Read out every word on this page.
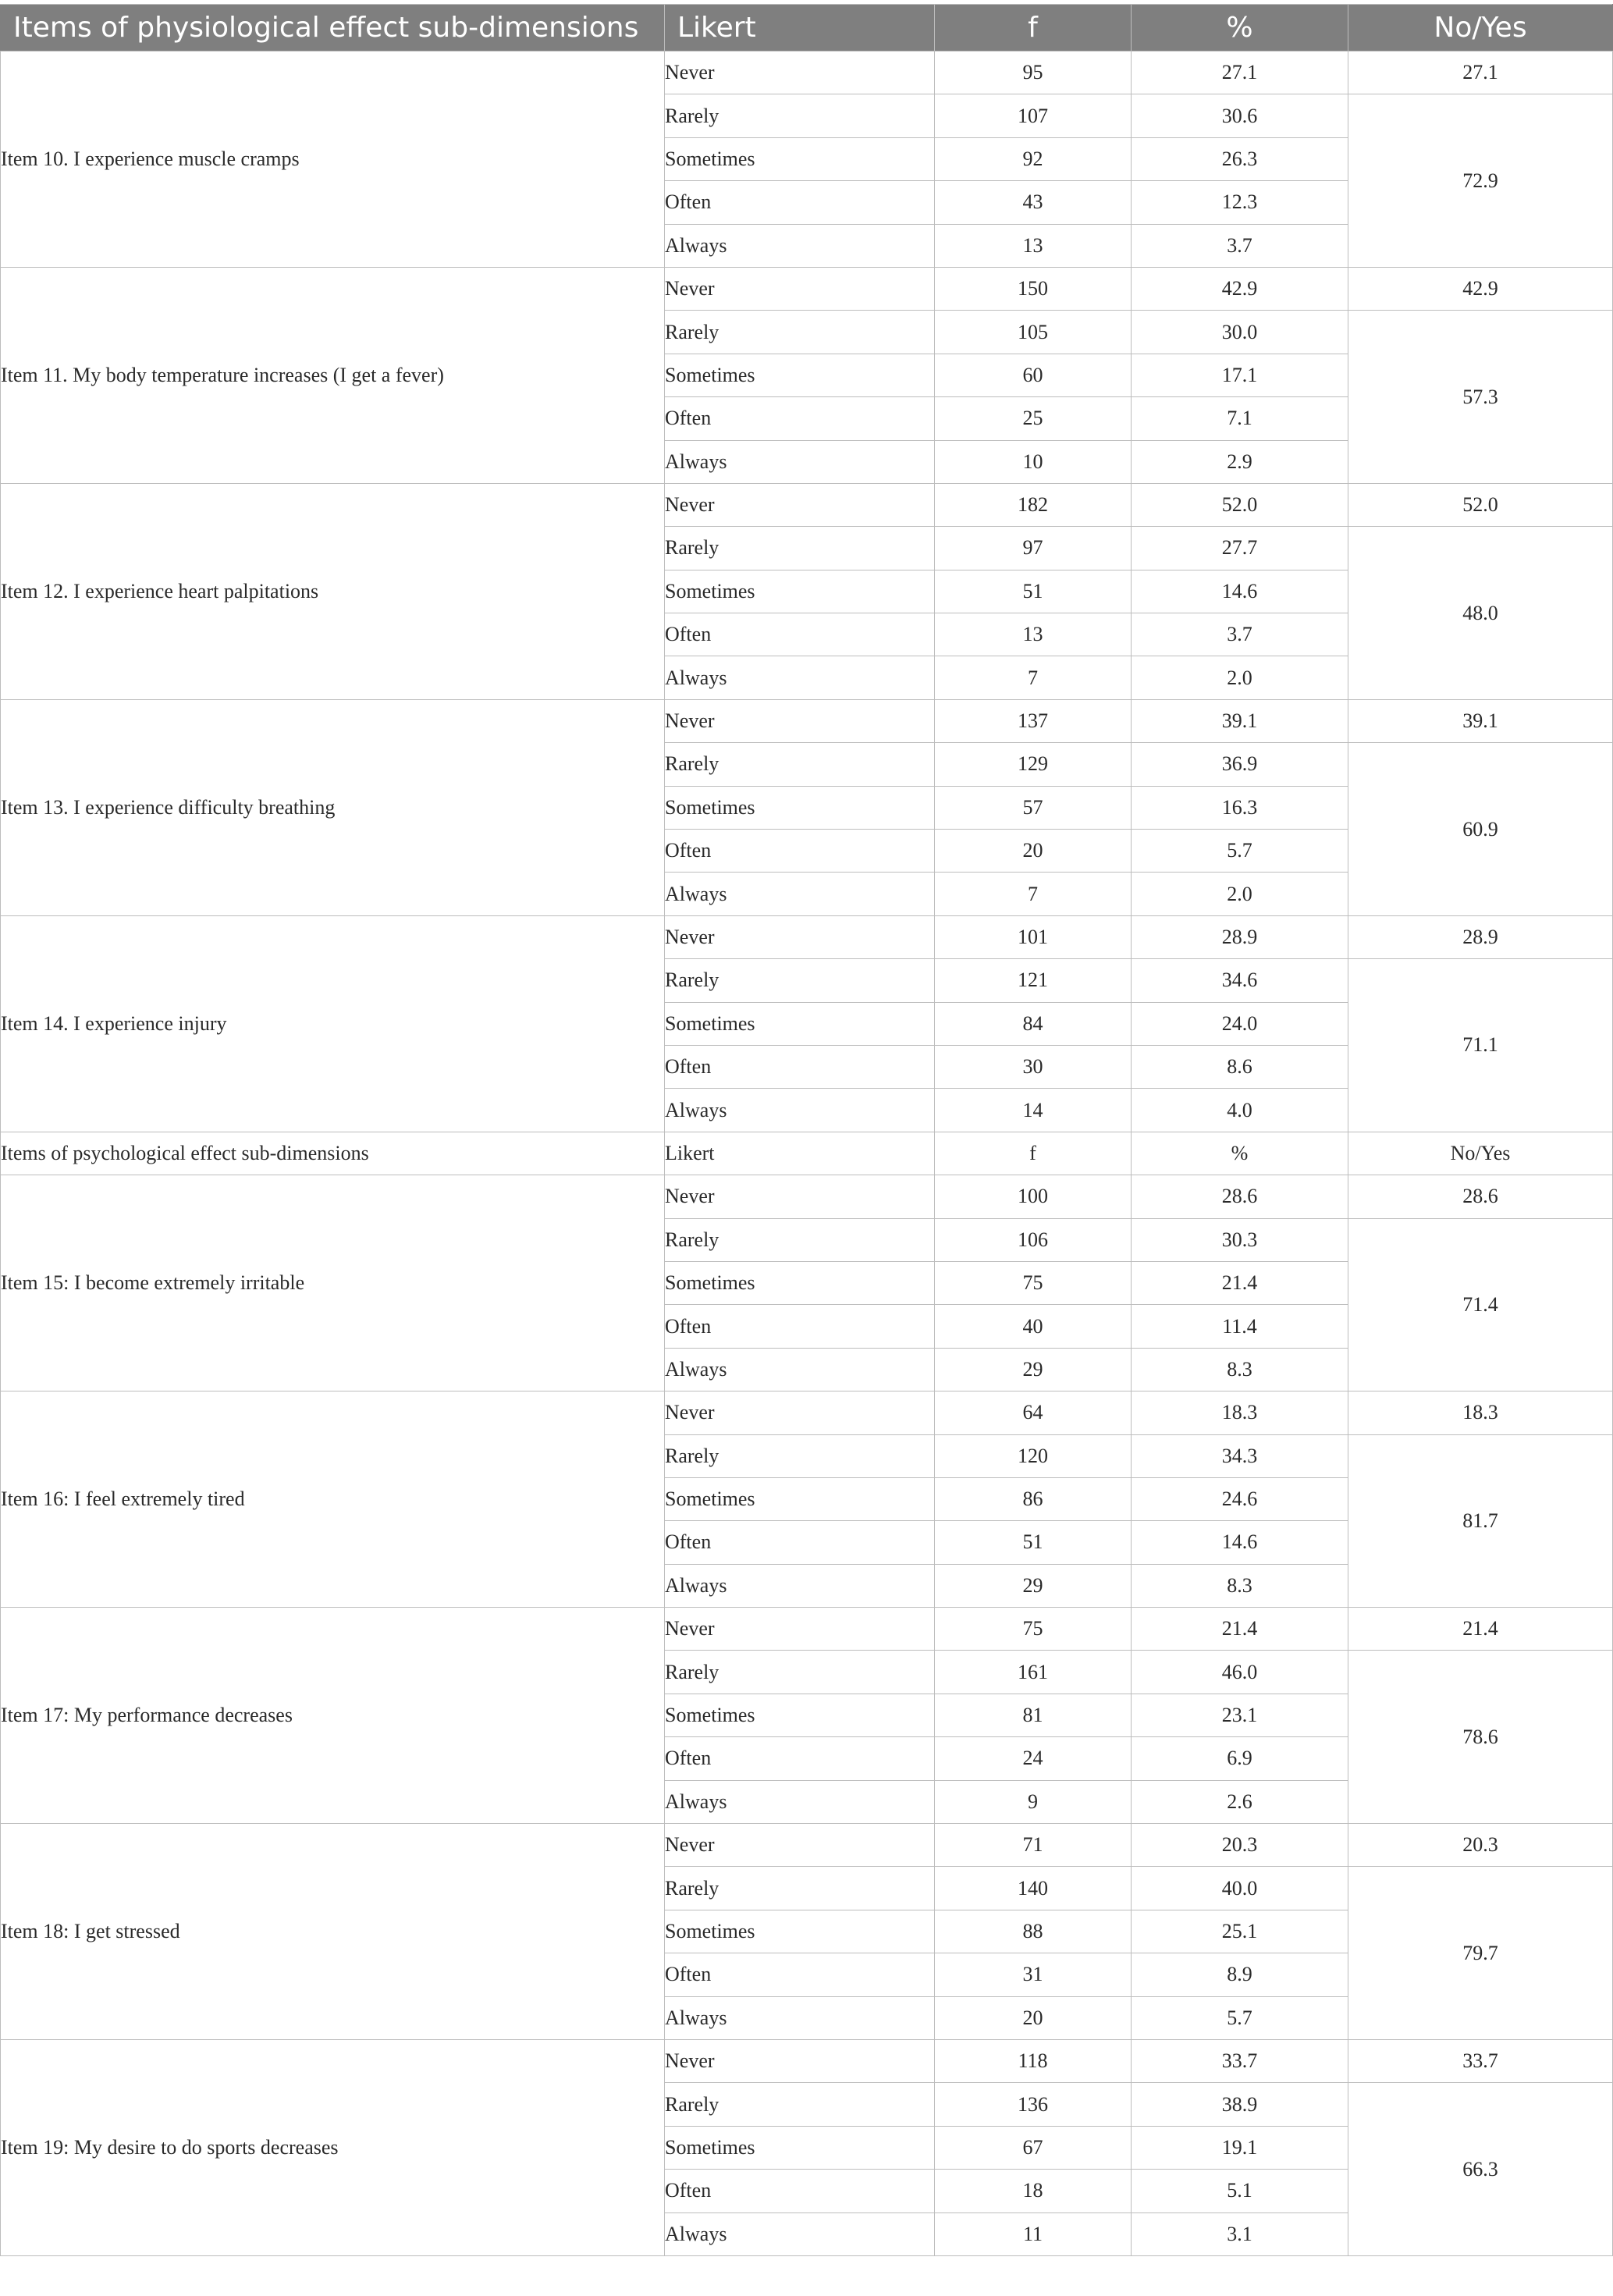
Items of physiological effect sub-dimensions	Likert	f	%	No/Yes
Item 10. I experience muscle cramps	Never	95	27.1	27.1
	Rarely	107	30.6	72.9
	Sometimes	92	26.3	
	Often	43	12.3	
	Always	13	3.7	
Item 11. My body temperature increases (I get a fever)	Never	150	42.9	42.9
	Rarely	105	30.0	57.3
	Sometimes	60	17.1	
	Often	25	7.1	
	Always	10	2.9	
Item 12. I experience heart palpitations	Never	182	52.0	52.0
	Rarely	97	27.7	48.0
	Sometimes	51	14.6	
	Often	13	3.7	
	Always	7	2.0	
Item 13. I experience difficulty breathing	Never	137	39.1	39.1
	Rarely	129	36.9	60.9
	Sometimes	57	16.3	
	Often	20	5.7	
	Always	7	2.0	
Item 14. I experience injury	Never	101	28.9	28.9
	Rarely	121	34.6	71.1
	Sometimes	84	24.0	
	Often	30	8.6	
	Always	14	4.0	
Items of psychological effect sub-dimensions	Likert	f	%	No/Yes
Item 15: I become extremely irritable	Never	100	28.6	28.6
	Rarely	106	30.3	71.4
	Sometimes	75	21.4	
	Often	40	11.4	
	Always	29	8.3	
Item 16: I feel extremely tired	Never	64	18.3	18.3
	Rarely	120	34.3	81.7
	Sometimes	86	24.6	
	Often	51	14.6	
	Always	29	8.3	
Item 17: My performance decreases	Never	75	21.4	21.4
	Rarely	161	46.0	78.6
	Sometimes	81	23.1	
	Often	24	6.9	
	Always	9	2.6	
Item 18: I get stressed	Never	71	20.3	20.3
	Rarely	140	40.0	79.7
	Sometimes	88	25.1	
	Often	31	8.9	
	Always	20	5.7	
Item 19: My desire to do sports decreases	Never	118	33.7	33.7
	Rarely	136	38.9	66.3
	Sometimes	67	19.1	
	Often	18	5.1	
	Always	11	3.1	
